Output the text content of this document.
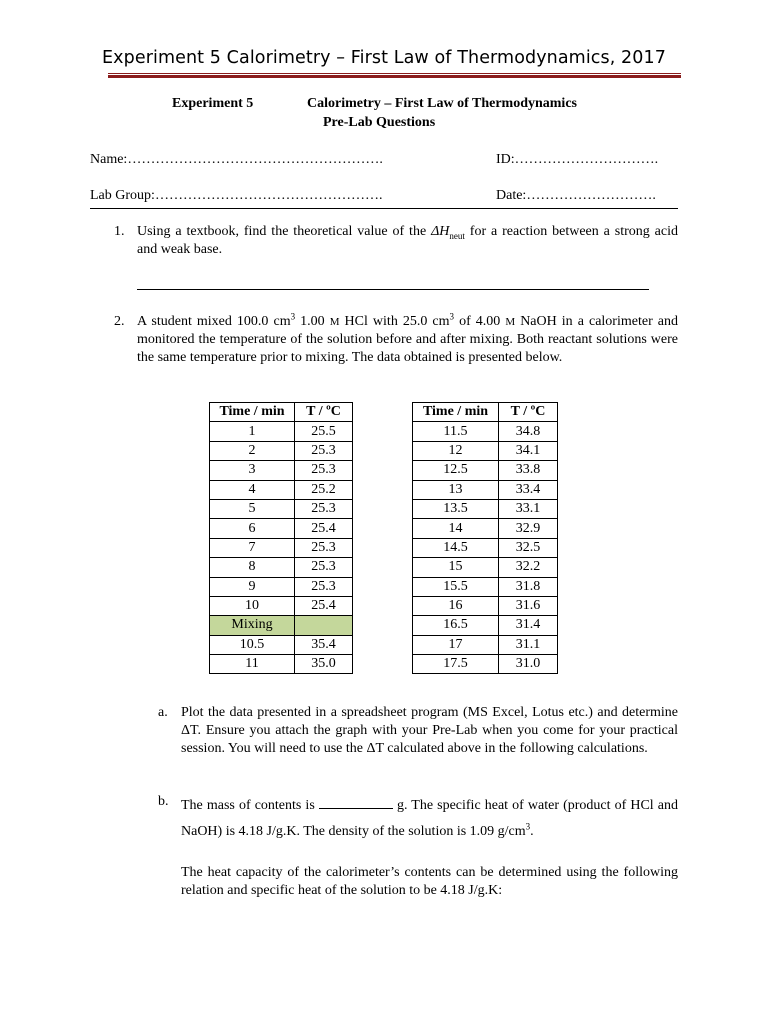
Experiment 5 Calorimetry – First Law of Thermodynamics, 2017
Experiment 5	Calorimetry – First Law of Thermodynamics
Pre-Lab Questions
Name:……………………………………………….	ID:………………………….
Lab Group:………………………………………….	Date:……………………….
1. Using a textbook, find the theoretical value of the $\Delta H_{neut}$ for a reaction between a strong acid and weak base.
2. A student mixed 100.0 $cm^3$ 1.00 M HCl with 25.0 $cm^3$ of 4.00 M NaOH in a calorimeter and monitored the temperature of the solution before and after mixing. Both reactant solutions were the same temperature prior to mixing. The data obtained is presented below.
Time / min	T / ºC		Time / min	T / ºC
1	25.5		11.5	34.8
2	25.3		12	34.1
3	25.3		12.5	33.8
4	25.2		13	33.4
5	25.3		13.5	33.1
6	25.4		14	32.9
7	25.3		14.5	32.5
8	25.3		15	32.2
9	25.3		15.5	31.8
10	25.4		16	31.6
Mixing			16.5	31.4
10.5	35.4		17	31.1
11	35.0		17.5	31.0
a. Plot the data presented in a spreadsheet program (MS Excel, Lotus etc.) and determine ΔT. Ensure you attach the graph with your Pre-Lab when you come for your practical session. You will need to use the ΔT calculated above in the following calculations.
b. The mass of contents is	g. The specific heat of water (product of HCl and NaOH) is 4.18 J/g.K. The density of the solution is 1.09 $g/cm^3$.
The heat capacity of the calorimeter’s contents can be determined using the following relation and specific heat of the solution to be 4.18 J/g.K:
